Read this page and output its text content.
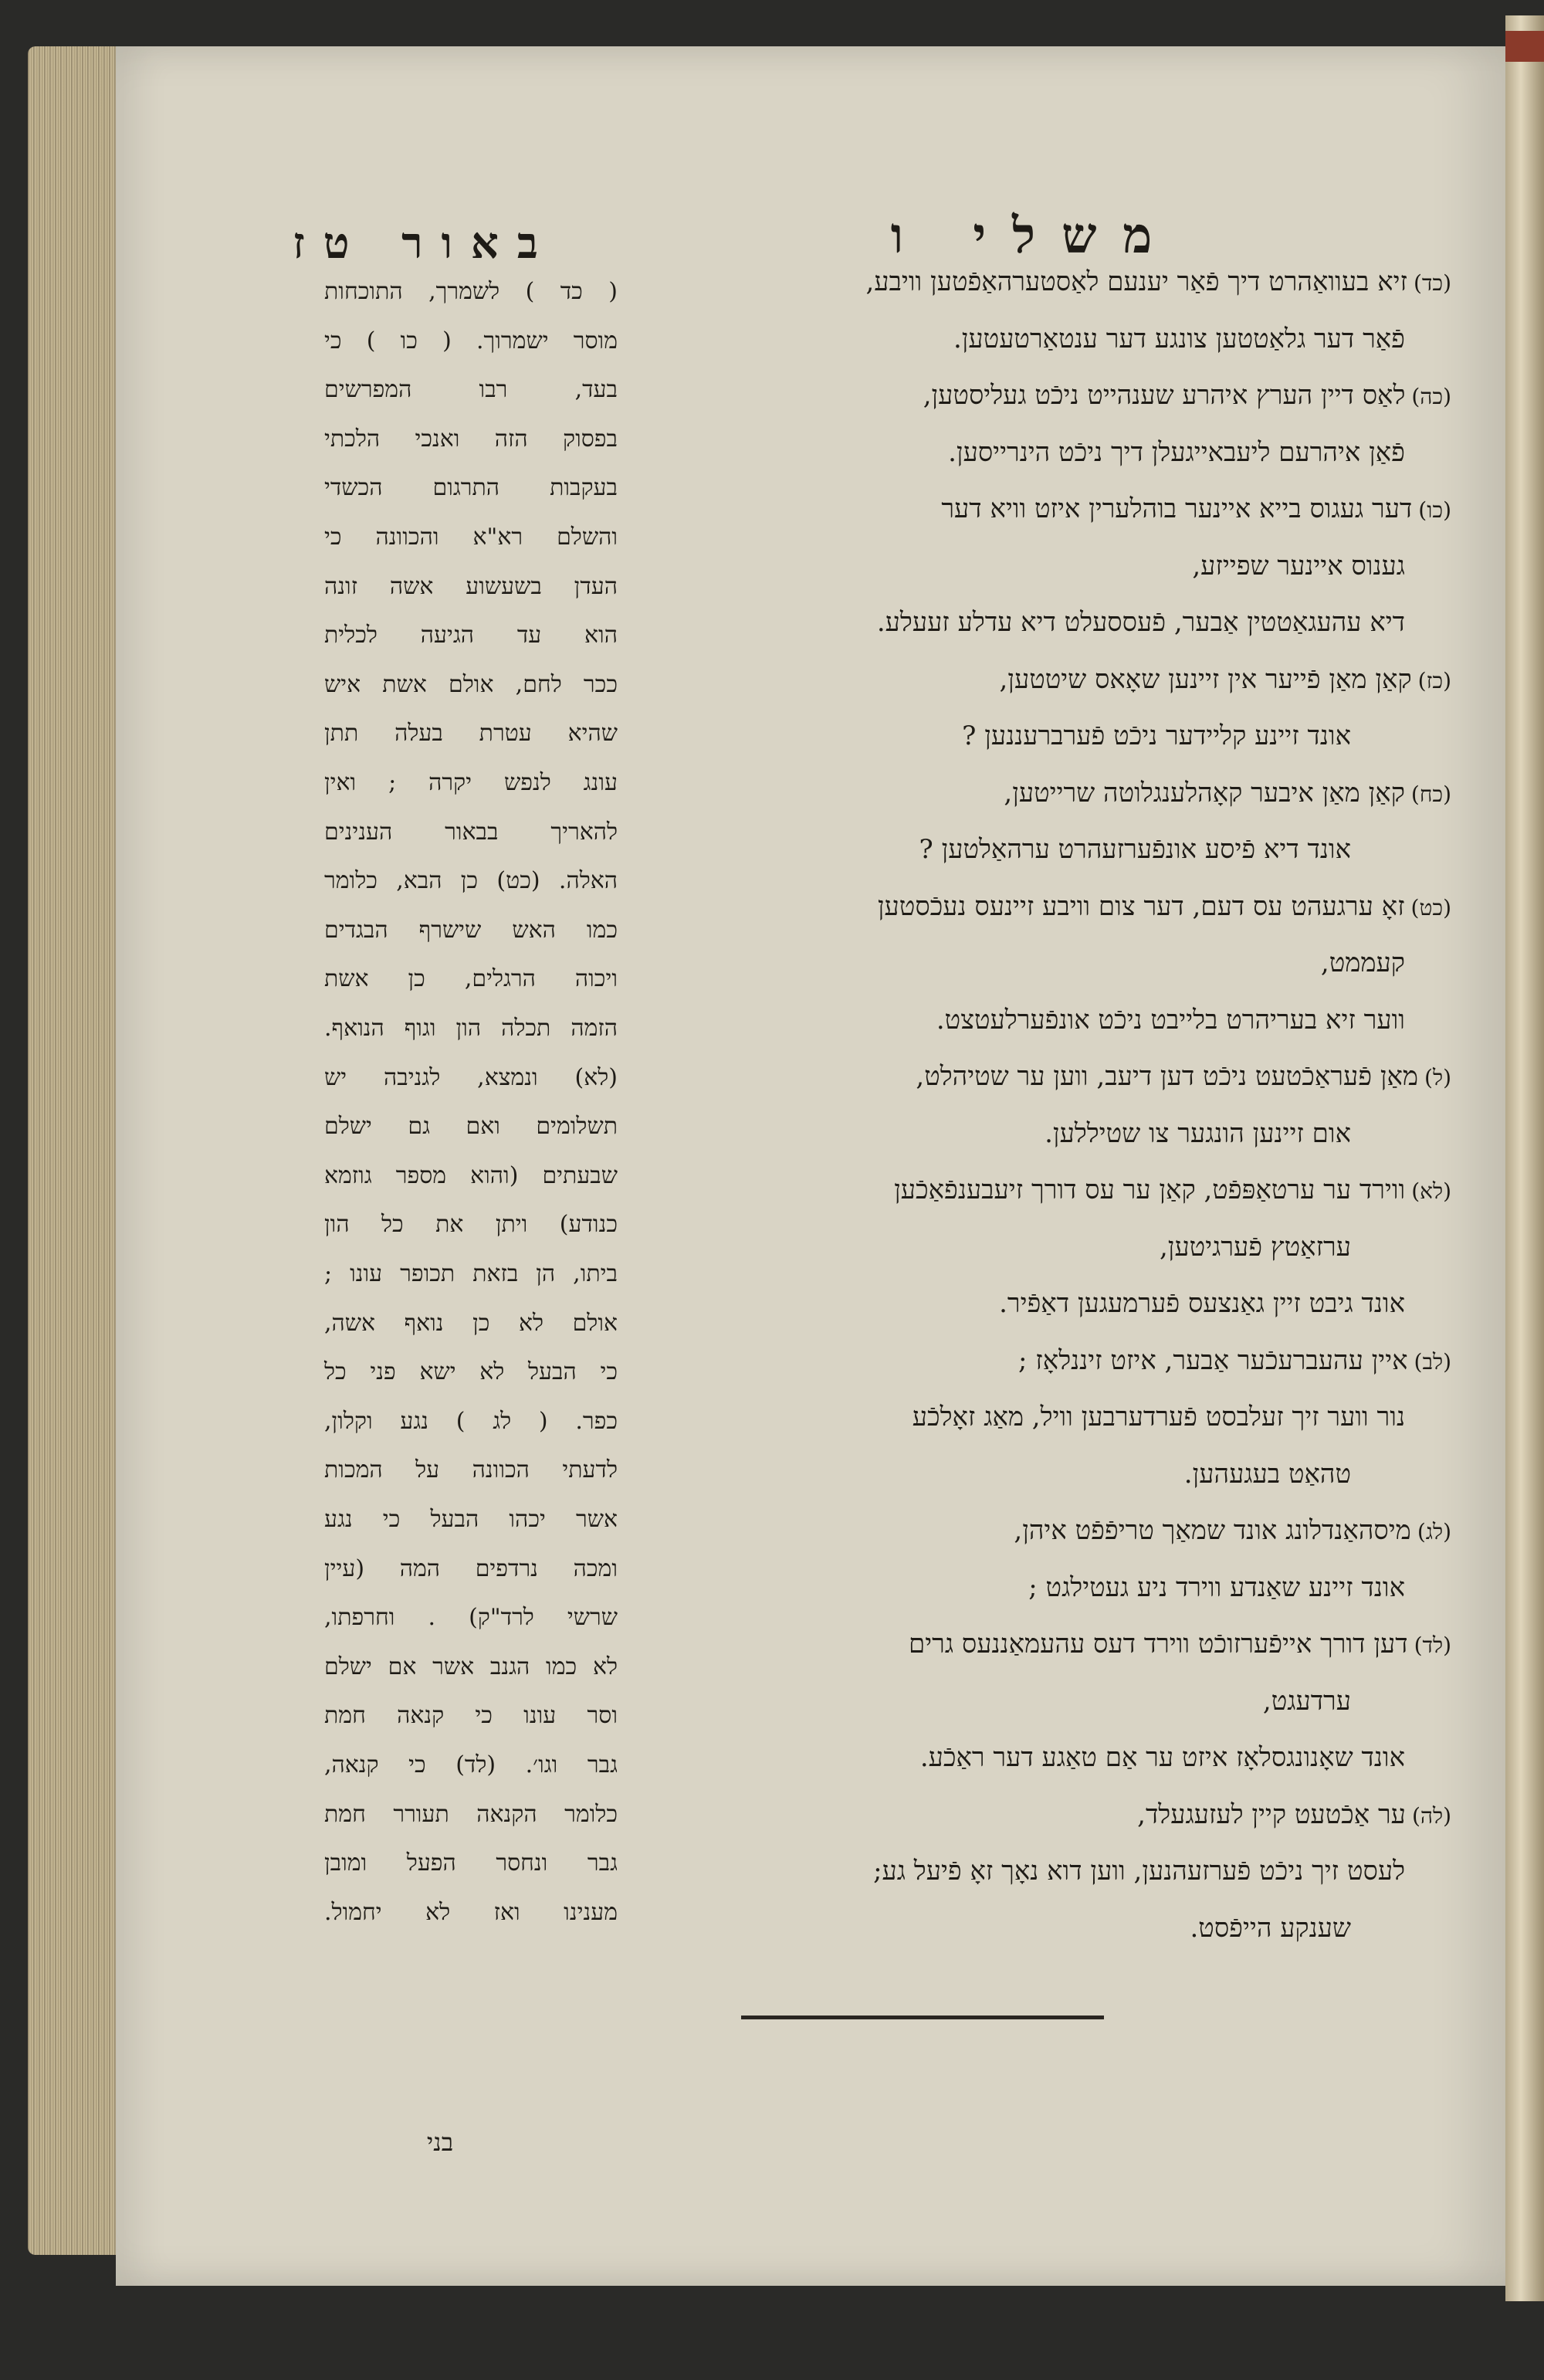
משלי ו
באור טז
(כד)זיא בעוואַהרט דיך פֿאַר יענעם לאַסטערהאַפֿטען וויבע,
פֿאַר דער גלאַטטען צונגע דער ענטאַרטעטען.
(כה)לאַס דיין הערץ איהרע שענהייט ניכֿט געליסטען,
פֿאַן איהרעם ליעבאייגעלן דיך ניכֿט הינרייסען.
(כו)דער געגוס בייא איינער בוהלערין איזט וויא דער
גענוס איינער שפייזע,
דיא עהעגאַטטין אַבער, פֿעססעלט דיא עדלע זעעלע.
(כז)קאַן מאַן פֿייער אין זיינען שאָאס שיטטען,
אונד זיינע קליידער ניכֿט פֿערברעננען ?
(כח)קאַן מאַן איבער קאָהלענגלוטה שרייטען,
אונד דיא פֿיסע אונפֿערזעהרט ערהאַלטען ?
(כט)זאָ ערגעהט עס דעם, דער צום וויבע זיינעס נעכֿסטען
קעממט,
ווער זיא בעריהרט בלייבט ניכֿט אונפֿערלעטצט.
(ל)מאַן פֿעראַכֿטעט ניכֿט דען דיעב, ווען ער שטיהלט,
אום זיינען הונגער צו שטיללען.
(לא)ווירד ער ערטאַפּפֿט, קאַן ער עס דורך זיעבענפֿאַכֿען
ערזאַטץ פֿערגיטען,
אונד גיבט זיין גאַנצעס פֿערמעגען דאַפֿיר.
(לב)איין עהעברעכֿער אַבער, איזט זיננלאָז ;
נור ווער זיך זעלבסט פֿערדערבען וויל, מאַג זאָלכֿע
טהאַט בעגעהען.
(לג)מיסהאַנדלונג אונד שמאַך טריפֿפֿט איהן,
אונד זיינע שאַנדע ווירד ניע געטילגט ;
(לד)דען דורך אייפֿערזוכֿט ווירד דעס עהעמאַננעס גרים
ערדעגט,
אונד שאָנונגסלאָז איזט ער אַם טאַגע דער ראַכֿע.
(לה)ער אַכֿטעט קיין לעזעגעלד,
לעסט זיך ניכֿט פֿערזעהנען, ווען דוא נאָך זאָ פֿיעל גע;
שענקע הייפֿסט.
( כד ) לשמרך, התוכחות
מוסר ישמרוך. ( כו ) כי
בעד, רבו המפרשים
בפסוק הזה ואנכי הלכתי
בעקבות התרגום הכשדי
והשלם רא"א והכוונה כי
העדן בשעשוע אשה זונה
הוא עד הגיעה לכלית
ככר לחם, אולם אשת איש
שהיא עטרת בעלה תתן
עונג לנפש יקרה ; ואין
להאריך בבאור הענינים
האלה. (כט) כן הבא, כלומר
כמו האש שישרף הבגדים
ויכוה הרגלים, כן אשת
הזמה תכלה הון וגוף הנואף.
(לא) ונמצא, לגניבה יש
תשלומים ואם גם ישלם
שבעתים (והוא מספר גוזמא
כנודע) ויתן את כל הון
ביתו, הן בזאת תכופר עונו ;
אולם לא כן נואף אשה,
כי הבעל לא ישא פני כל
כפר. ( לג ) נגע וקלון,
לדעתי הכוונה על המכות
אשר יכהו הבעל כי נגע
ומכה נרדפים המה (עיין
שרשי לרד"ק) . וחרפתו,
לא כמו הגנב אשר אם ישלם
וסר עונו כי קנאה חמת
גבר וגו׳. (לד) כי קנאה,
כלומר הקנאה תעורר חמת
גבר ונחסר הפעל ומובן
מענינו ואז לא יחמול.
בני
